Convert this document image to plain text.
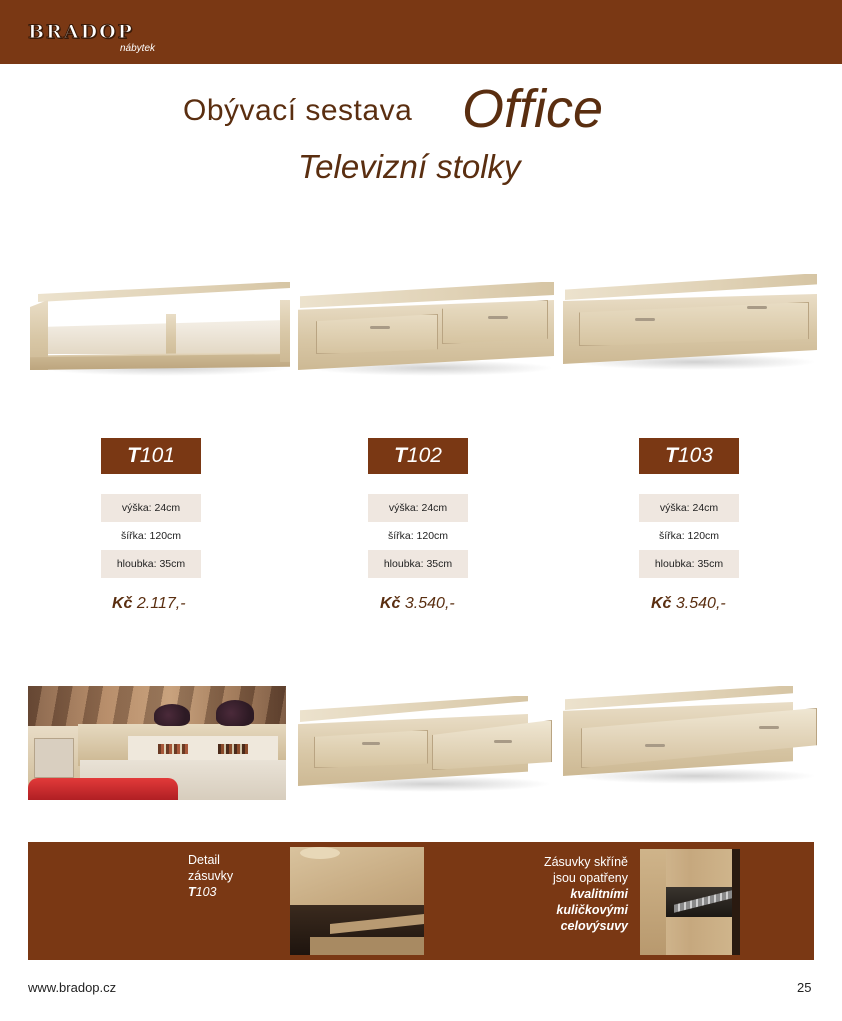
BRADOP
nábytek
Obývací sestava Office
Televizní stolky
T101
výška: 24cm
šířka: 120cm
hloubka: 35cm
Kč 2.117,-
T102
výška: 24cm
šířka: 120cm
hloubka: 35cm
Kč 3.540,-
T103
výška: 24cm
šířka: 120cm
hloubka: 35cm
Kč 3.540,-
Detail
zásuvky
T103
Zásuvky skříně
jsou opatřeny
kvalitními
kuličkovými
celovýsuvy
www.bradop.cz	25
